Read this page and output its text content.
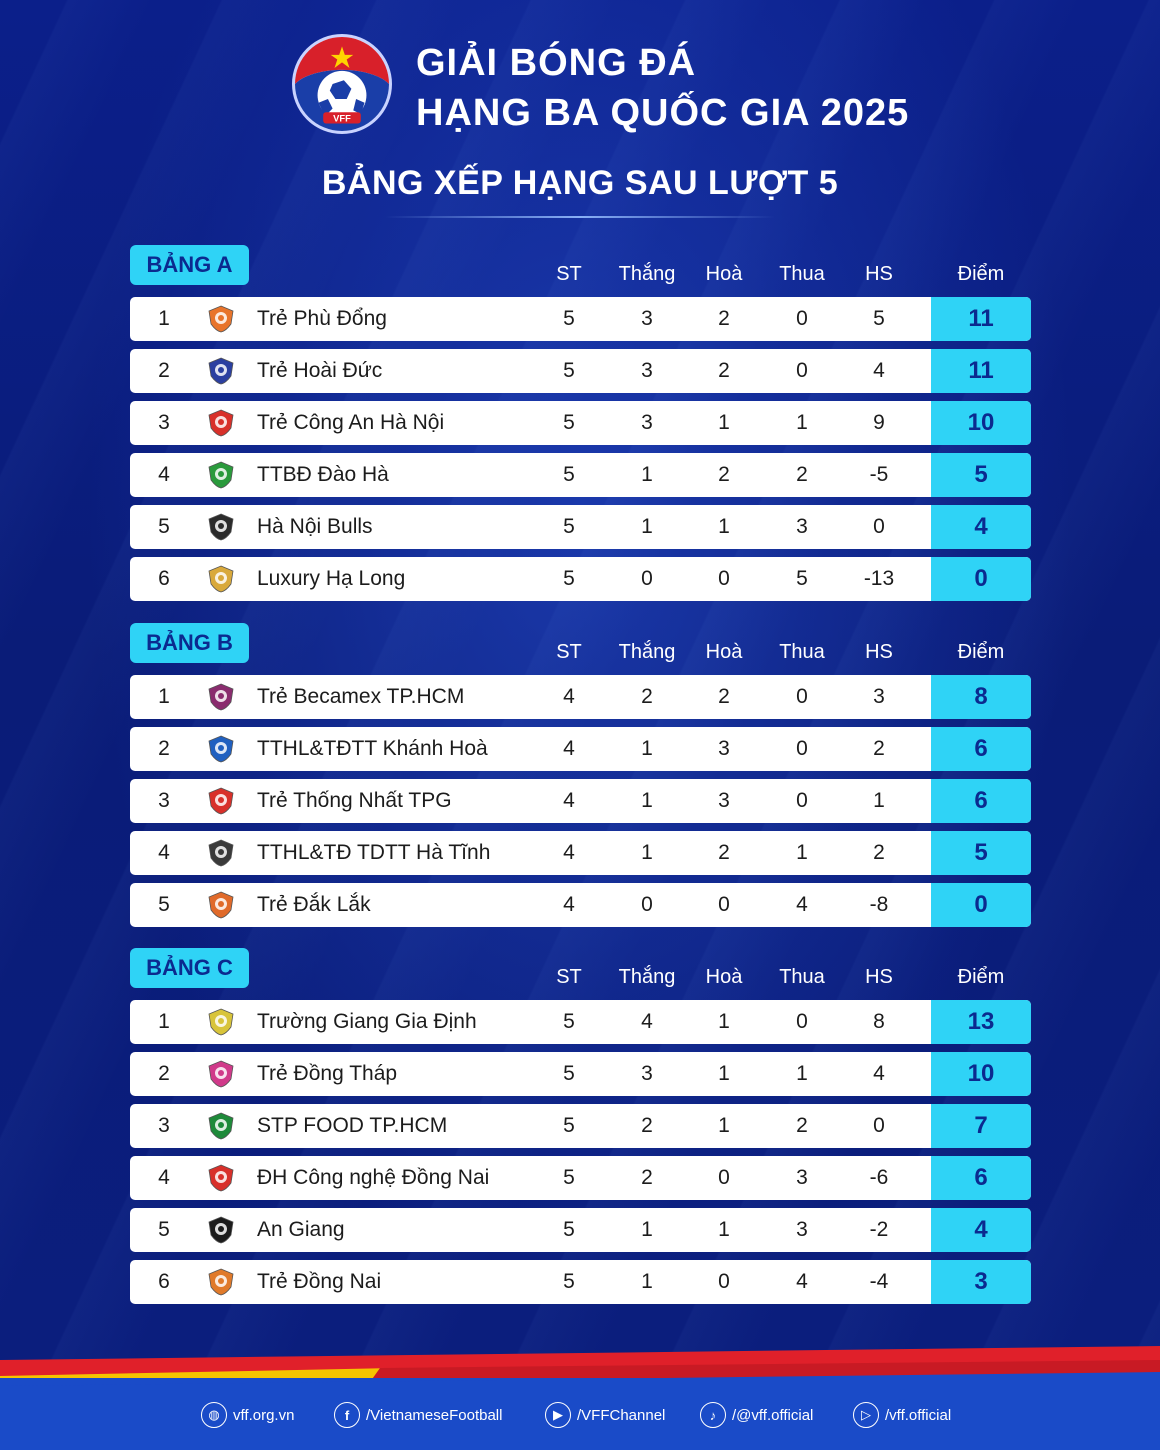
VFF
GIẢI BÓNG ĐÁ
HẠNG BA QUỐC GIA 2025
BẢNG XẾP HẠNG SAU LƯỢT 5
BẢNG A	ST	Thắng	Hoà	Thua	HS	Điểm
1	Trẻ Phù Đổng	5	3	2	0	5	11
2	Trẻ Hoài Đức	5	3	2	0	4	11
3	Trẻ Công An Hà Nội	5	3	1	1	9	10
4	TTBĐ Đào Hà	5	1	2	2	-5	5
5	Hà Nội Bulls	5	1	1	3	0	4
6	Luxury Hạ Long	5	0	0	5	-13	0
BẢNG B	ST	Thắng	Hoà	Thua	HS	Điểm
1	Trẻ Becamex TP.HCM	4	2	2	0	3	8
2	TTHL&TĐTT Khánh Hoà	4	1	3	0	2	6
3	Trẻ Thống Nhất TPG	4	1	3	0	1	6
4	TTHL&TĐ TDTT Hà Tĩnh	4	1	2	1	2	5
5	Trẻ Đắk Lắk	4	0	0	4	-8	0
BẢNG C	ST	Thắng	Hoà	Thua	HS	Điểm
1	Trường Giang Gia Định	5	4	1	0	8	13
2	Trẻ Đồng Tháp	5	3	1	1	4	10
3	STP FOOD TP.HCM	5	2	1	2	0	7
4	ĐH Công nghệ Đồng Nai	5	2	0	3	-6	6
5	An Giang	5	1	1	3	-2	4
6	Trẻ Đồng Nai	5	1	0	4	-4	3
◍ vff.org.vn	f	/VietnameseFootball	▶ /VFFChannel	♪	/@vff.official	▷ /vff.official
